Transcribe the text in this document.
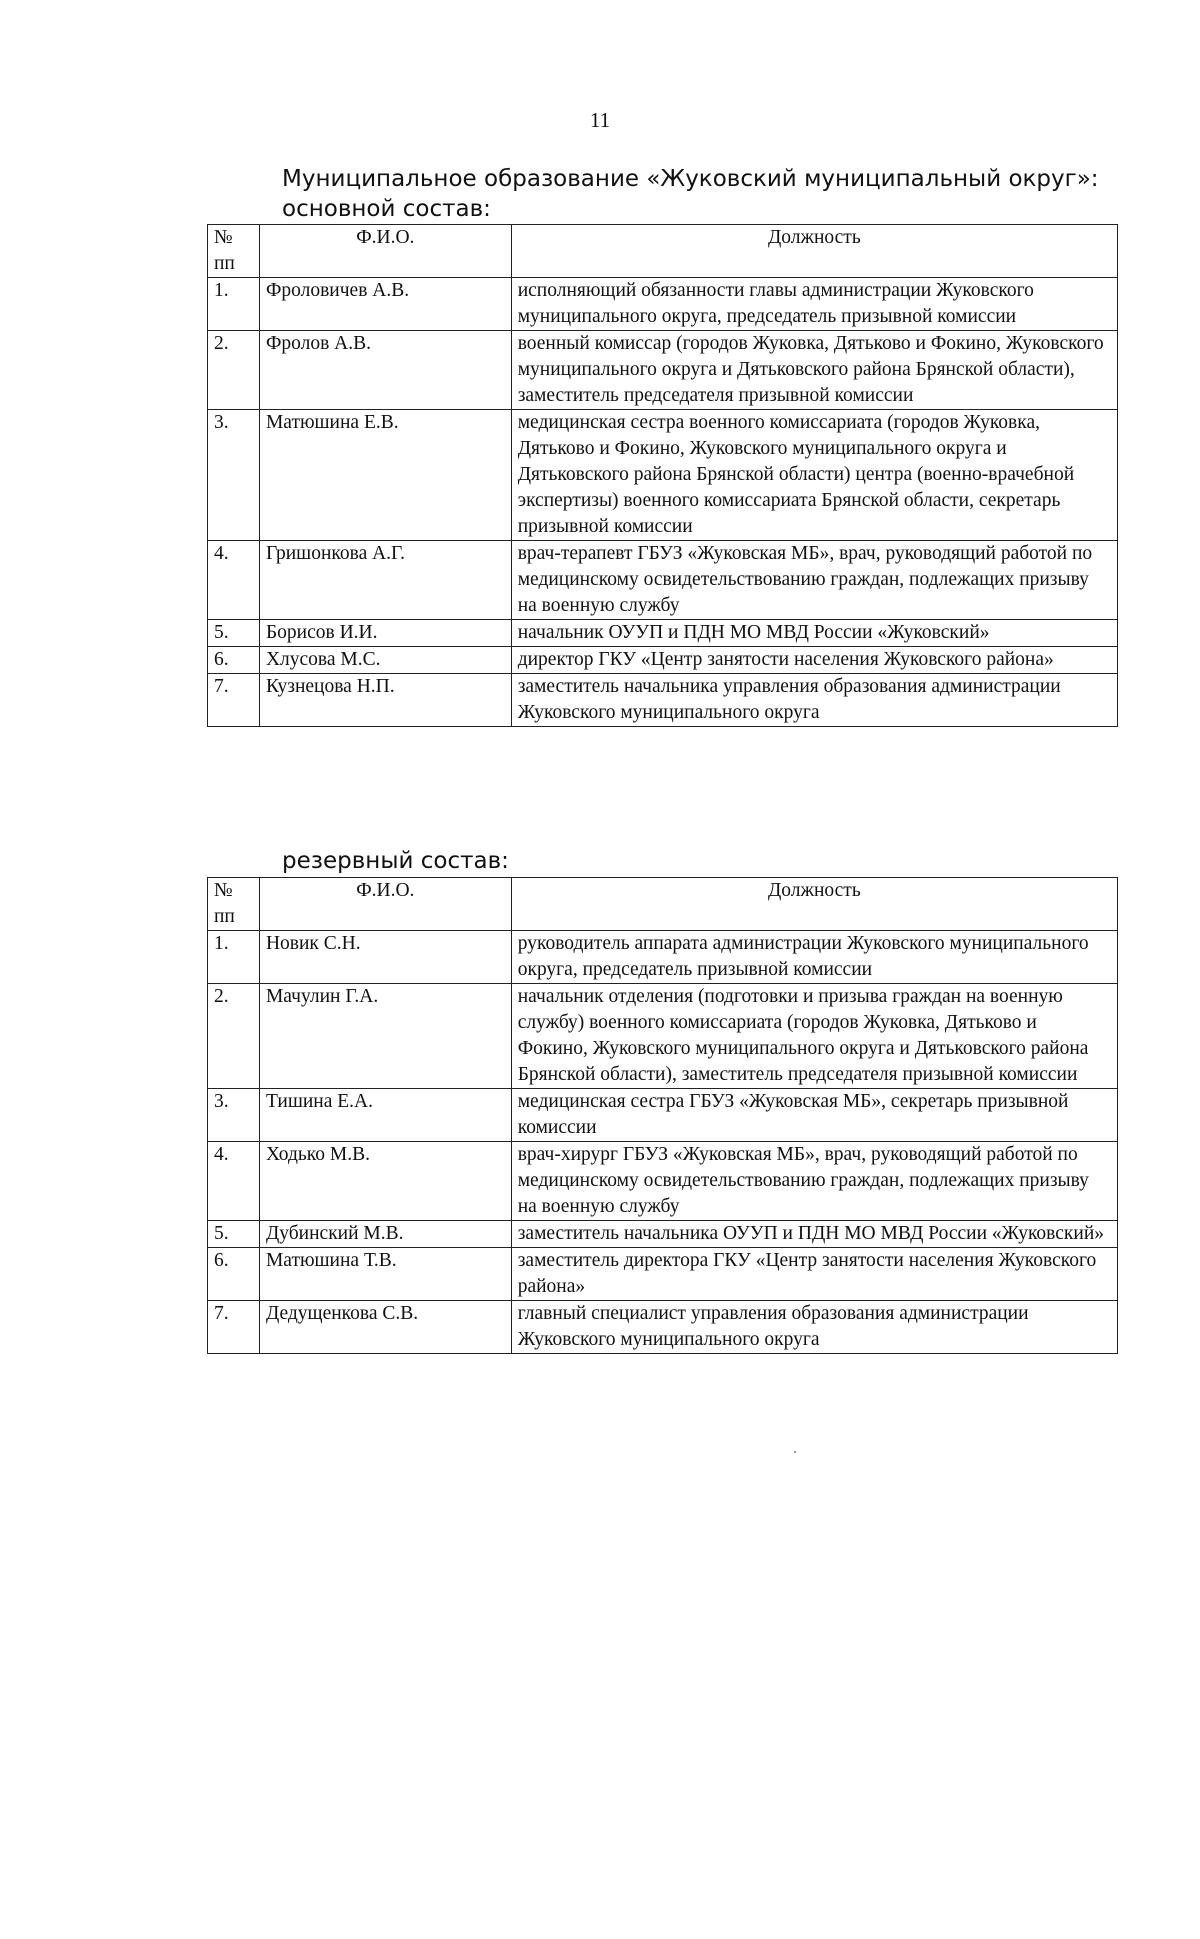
11
Муниципальное образование «Жуковский муниципальный округ»:
основной состав:
№
пп	Ф.И.О.	Должность
1.	Фроловичев А.В.	исполняющий обязанности главы администрации Жуковского муниципального округа, председатель призывной комиссии
2.	Фролов А.В.	военный комиссар (городов Жуковка, Дятьково и Фокино, Жуковского муниципального округа и Дятьковского района Брянской области), заместитель председателя призывной комиссии
3.	Матюшина Е.В.	медицинская сестра военного комиссариата (городов Жуковка, Дятьково и Фокино, Жуковского муниципального округа и Дятьковского района Брянской области) центра (военно-врачебной экспертизы) военного комиссариата Брянской области, секретарь призывной комиссии
4.	Гришонкова А.Г.	врач-терапевт ГБУЗ «Жуковская МБ», врач, руководящий работой по медицинскому освидетельствованию граждан, подлежащих призыву на военную службу
5.	Борисов И.И.	начальник ОУУП и ПДН МО МВД России «Жуковский»
6.	Хлусова М.С.	директор ГКУ «Центр занятости населения Жуковского района»
7.	Кузнецова Н.П.	заместитель начальника управления образования администрации Жуковского муниципального округа
резервный состав:
№
пп	Ф.И.О.	Должность
1.	Новик С.Н.	руководитель аппарата администрации Жуковского муниципального округа, председатель призывной комиссии
2.	Мачулин Г.А.	начальник отделения (подготовки и призыва граждан на военную службу) военного комиссариата (городов Жуковка, Дятьково и Фокино, Жуковского муниципального округа и Дятьковского района Брянской области), заместитель председателя призывной комиссии
3.	Тишина Е.А.	медицинская сестра ГБУЗ «Жуковская МБ», секретарь призывной комиссии
4.	Ходько М.В.	врач-хирург ГБУЗ «Жуковская МБ», врач, руководящий работой по медицинскому освидетельствованию граждан, подлежащих призыву на военную службу
5.	Дубинский М.В.	заместитель начальника ОУУП и ПДН МО МВД России «Жуковский»
6.	Матюшина Т.В.	заместитель директора ГКУ «Центр занятости населения Жуковского района»
7.	Дедущенкова С.В.	главный специалист управления образования администрации Жуковского муниципального округа
